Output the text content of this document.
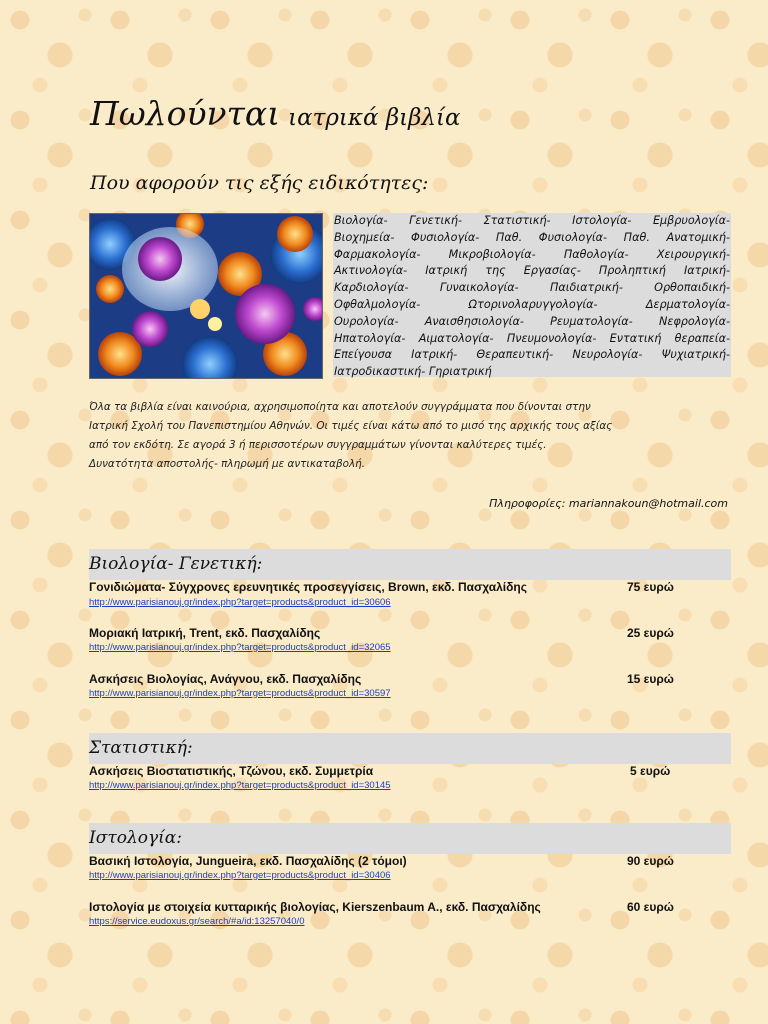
Πωλούνται ιατρικά βιβλία
Που αφορούν τις εξής ειδικότητες:
Βιολογία- Γενετική- Στατιστική- Ιστολογία- Εμβρυολογία-
Βιοχημεία- Φυσιολογία- Παθ. Φυσιολογία- Παθ. Ανατομική-
Φαρμακολογία- Μικροβιολογία- Παθολογία- Χειρουργική-
Ακτινολογία- Ιατρική της Εργασίας- Προληπτική Ιατρική-
Καρδιολογία- Γυναικολογία- Παιδιατρική- Ορθοπαιδική-
Οφθαλμολογία- Ωτορινολαρυγγολογία- Δερματολογία-
Ουρολογία- Αναισθησιολογία- Ρευματολογία- Νεφρολογία-
Ηπατολογία- Αιματολογία- Πνευμονολογία- Εντατική θεραπεία-
Επείγουσα Ιατρική- Θεραπευτική- Νευρολογία- Ψυχιατρική-
Ιατροδικαστική- Γηριατρική
Όλα τα βιβλία είναι καινούρια, αχρησιμοποίητα και αποτελούν συγγράμματα που δίνονται στην
Ιατρική Σχολή του Πανεπιστημίου Αθηνών. Οι τιμές είναι κάτω από το μισό της αρχικής τους αξίας
από τον εκδότη. Σε αγορά 3 ή περισσοτέρων συγγραμμάτων γίνονται καλύτερες τιμές.
Δυνατότητα αποστολής- πληρωμή με αντικαταβολή.
Πληροφορίες: mariannakoun@hotmail.com
Βιολογία- Γενετική:
Γονιδιώματα- Σύγχρονες ερευνητικές προσεγγίσεις, Brown, εκδ. Πασχαλίδης	75 ευρώ
http://www.parisianouj.gr/index.php?target=products&product_id=30606
Μοριακή Ιατρική, Trent, εκδ. Πασχαλίδης	25 ευρώ
http://www.parisianouj.gr/index.php?target=products&product_id=32065
Ασκήσεις Βιολογίας, Ανάγνου, εκδ. Πασχαλίδης	15 ευρώ
http://www.parisianouj.gr/index.php?target=products&product_id=30597
Στατιστική:
Ασκήσεις Βιοστατιστικής, Τζώνου, εκδ. Συμμετρία	5 ευρώ
http://www.parisianouj.gr/index.php?target=products&product_id=30145
Ιστολογία:
Βασική Ιστολογία, Jungueira, εκδ. Πασχαλίδης (2 τόμοι)	90 ευρώ
http://www.parisianouj.gr/index.php?target=products&product_id=30406
Ιστολογία με στοιχεία κυτταρικής βιολογίας, Kierszenbaum A., εκδ. Πασχαλίδης	60 ευρώ
https://service.eudoxus.gr/search/#a/id:13257040/0
